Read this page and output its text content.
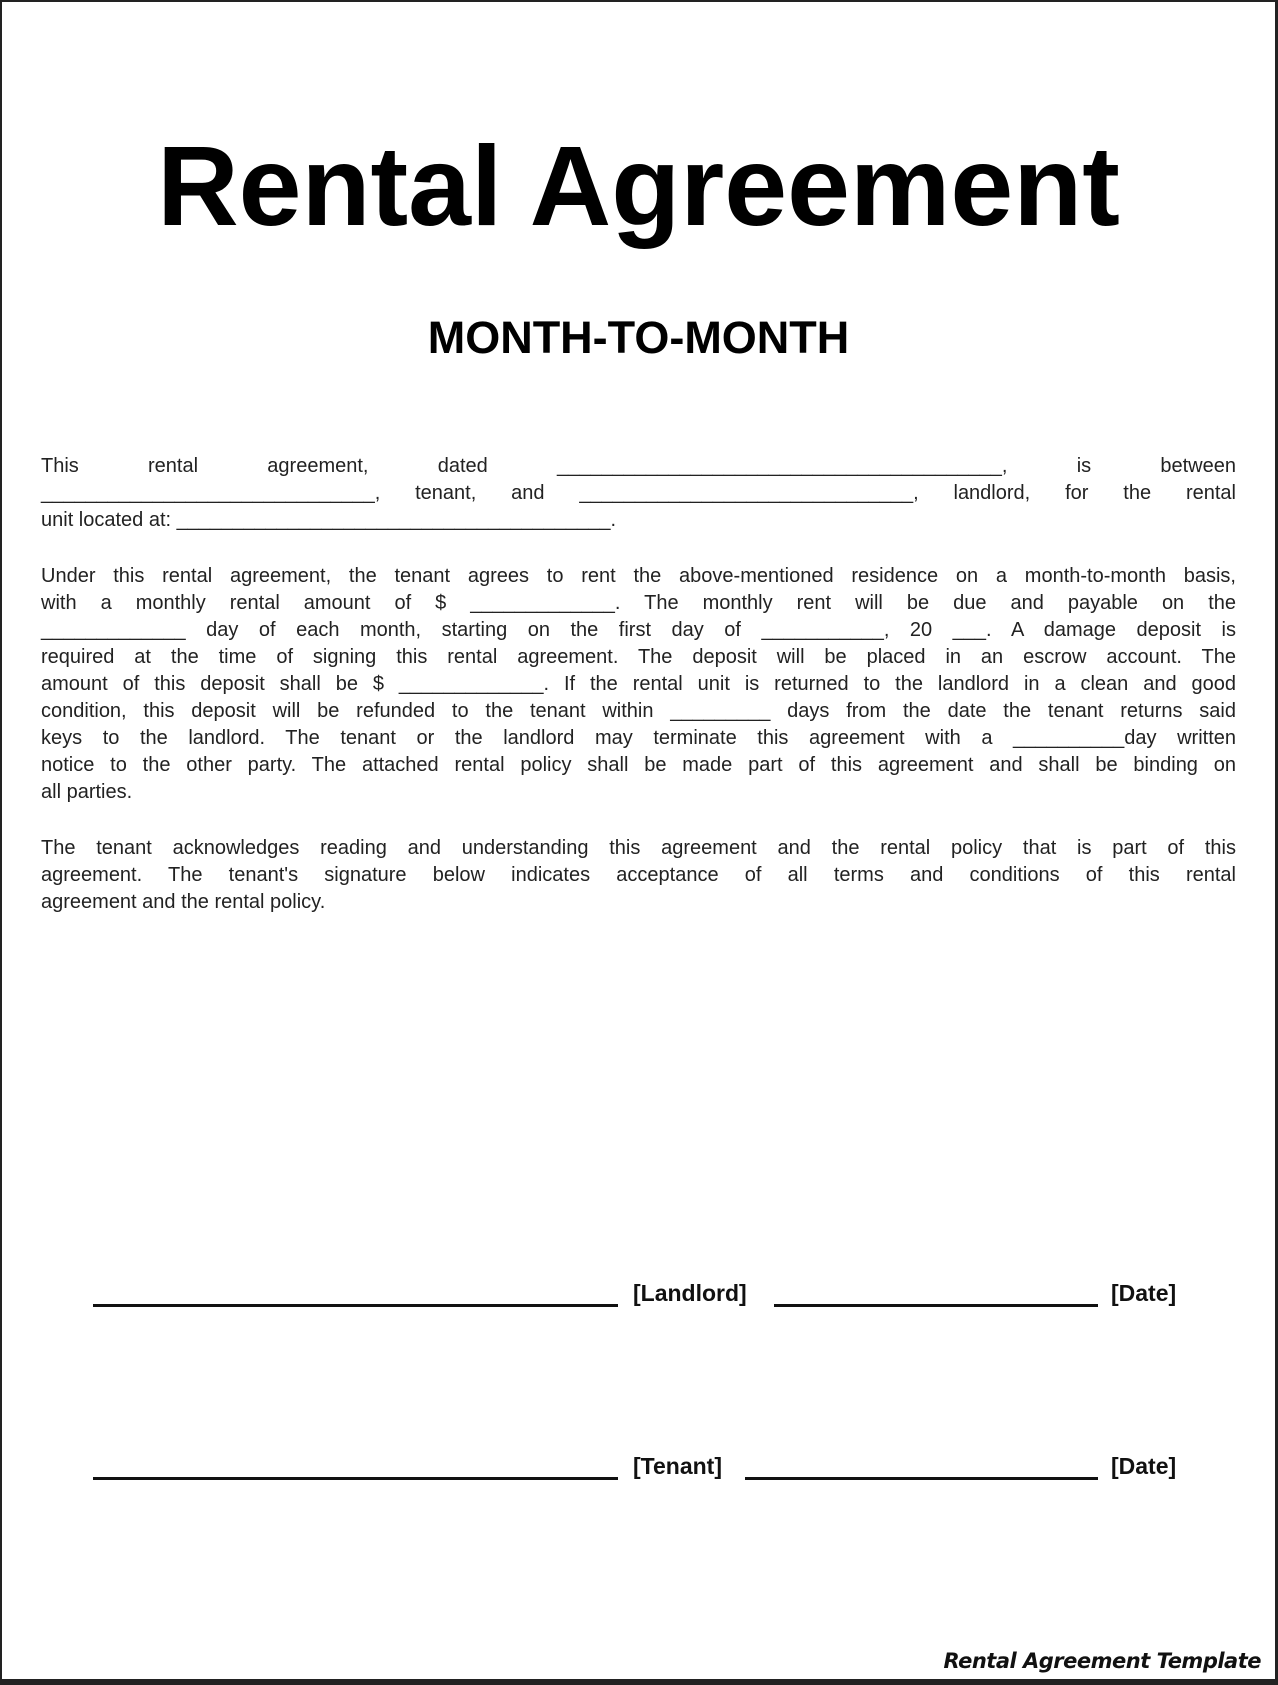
Rental Agreement
MONTH-TO-MONTH
This rental agreement, dated ________________________________________, is between
______________________________, tenant, and ______________________________, landlord, for the rental
unit located at: _______________________________________.
Under this rental agreement, the tenant agrees to rent the above-mentioned residence on a month-to-month basis,
with a monthly rental amount of $ _____________. The monthly rent will be due and payable on the
_____________ day of each month, starting on the first day of ___________, 20 ___. A damage deposit is
required at the time of signing this rental agreement. The deposit will be placed in an escrow account. The
amount of this deposit shall be $ _____________. If the rental unit is returned to the landlord in a clean and good
condition, this deposit will be refunded to the tenant within _________ days from the date the tenant returns said
keys to the landlord. The tenant or the landlord may terminate this agreement with a __________day written
notice to the other party. The attached rental policy shall be made part of this agreement and shall be binding on
all parties.
The tenant acknowledges reading and understanding this agreement and the rental policy that is part of this
agreement. The tenant's signature below indicates acceptance of all terms and conditions of this rental
agreement and the rental policy.
[Landlord]	[Date]
[Tenant]	[Date]
Rental Agreement Template
